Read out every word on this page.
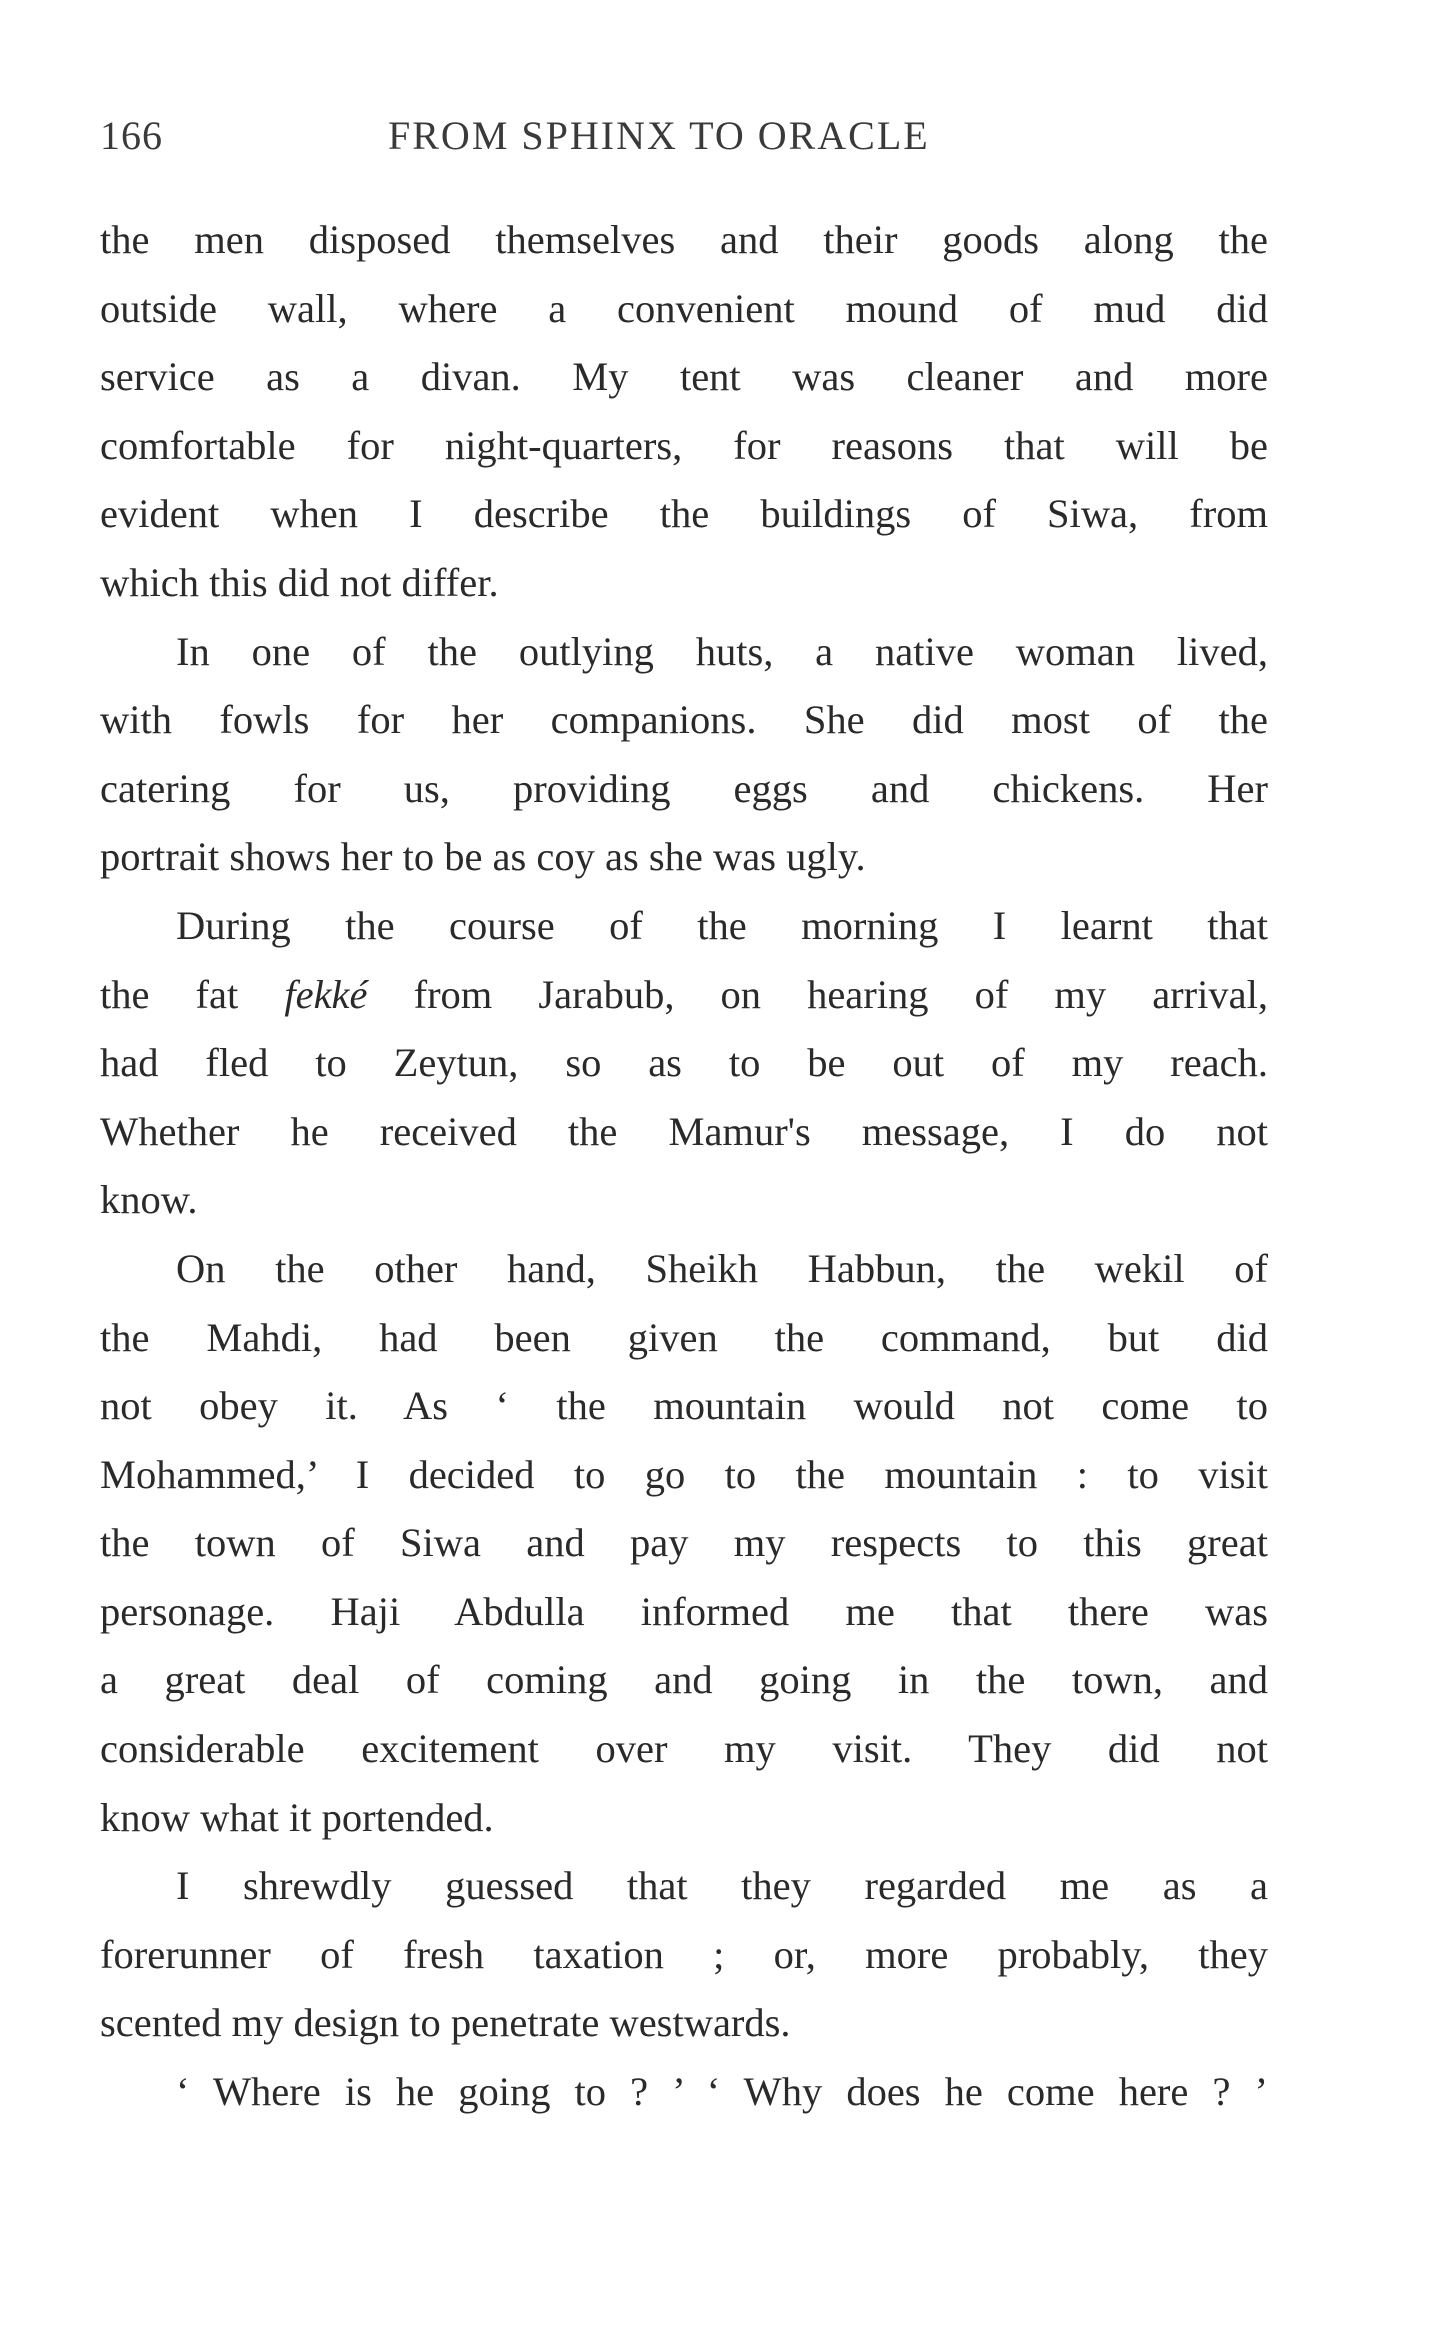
166	FROM SPHINX TO ORACLE

the men disposed themselves and their goods along the
outside wall, where a convenient mound of mud did
service as a divan. My tent was cleaner and more
comfortable for night-quarters, for reasons that will be
evident when I describe the buildings of Siwa, from
which this did not differ.

In one of the outlying huts, a native woman lived,
with fowls for her companions. She did most of the
catering for us, providing eggs and chickens. Her
portrait shows her to be as coy as she was ugly.

During the course of the morning I learnt that
the fat fekké from Jarabub, on hearing of my arrival,
had fled to Zeytun, so as to be out of my reach.
Whether he received the Mamur's message, I do not
know.

On the other hand, Sheikh Habbun, the wekil of
the Mahdi, had been given the command, but did
not obey it. As ‘ the mountain would not come to
Mohammed,’ I decided to go to the mountain : to visit
the town of Siwa and pay my respects to this great
personage. Haji Abdulla informed me that there was
a great deal of coming and going in the town, and
considerable excitement over my visit. They did not
know what it portended.

I shrewdly guessed that they regarded me as a
forerunner of fresh taxation ; or, more probably, they
scented my design to penetrate westwards.

‘ Where is he going to ? ’ ‘ Why does he come here ? ’
